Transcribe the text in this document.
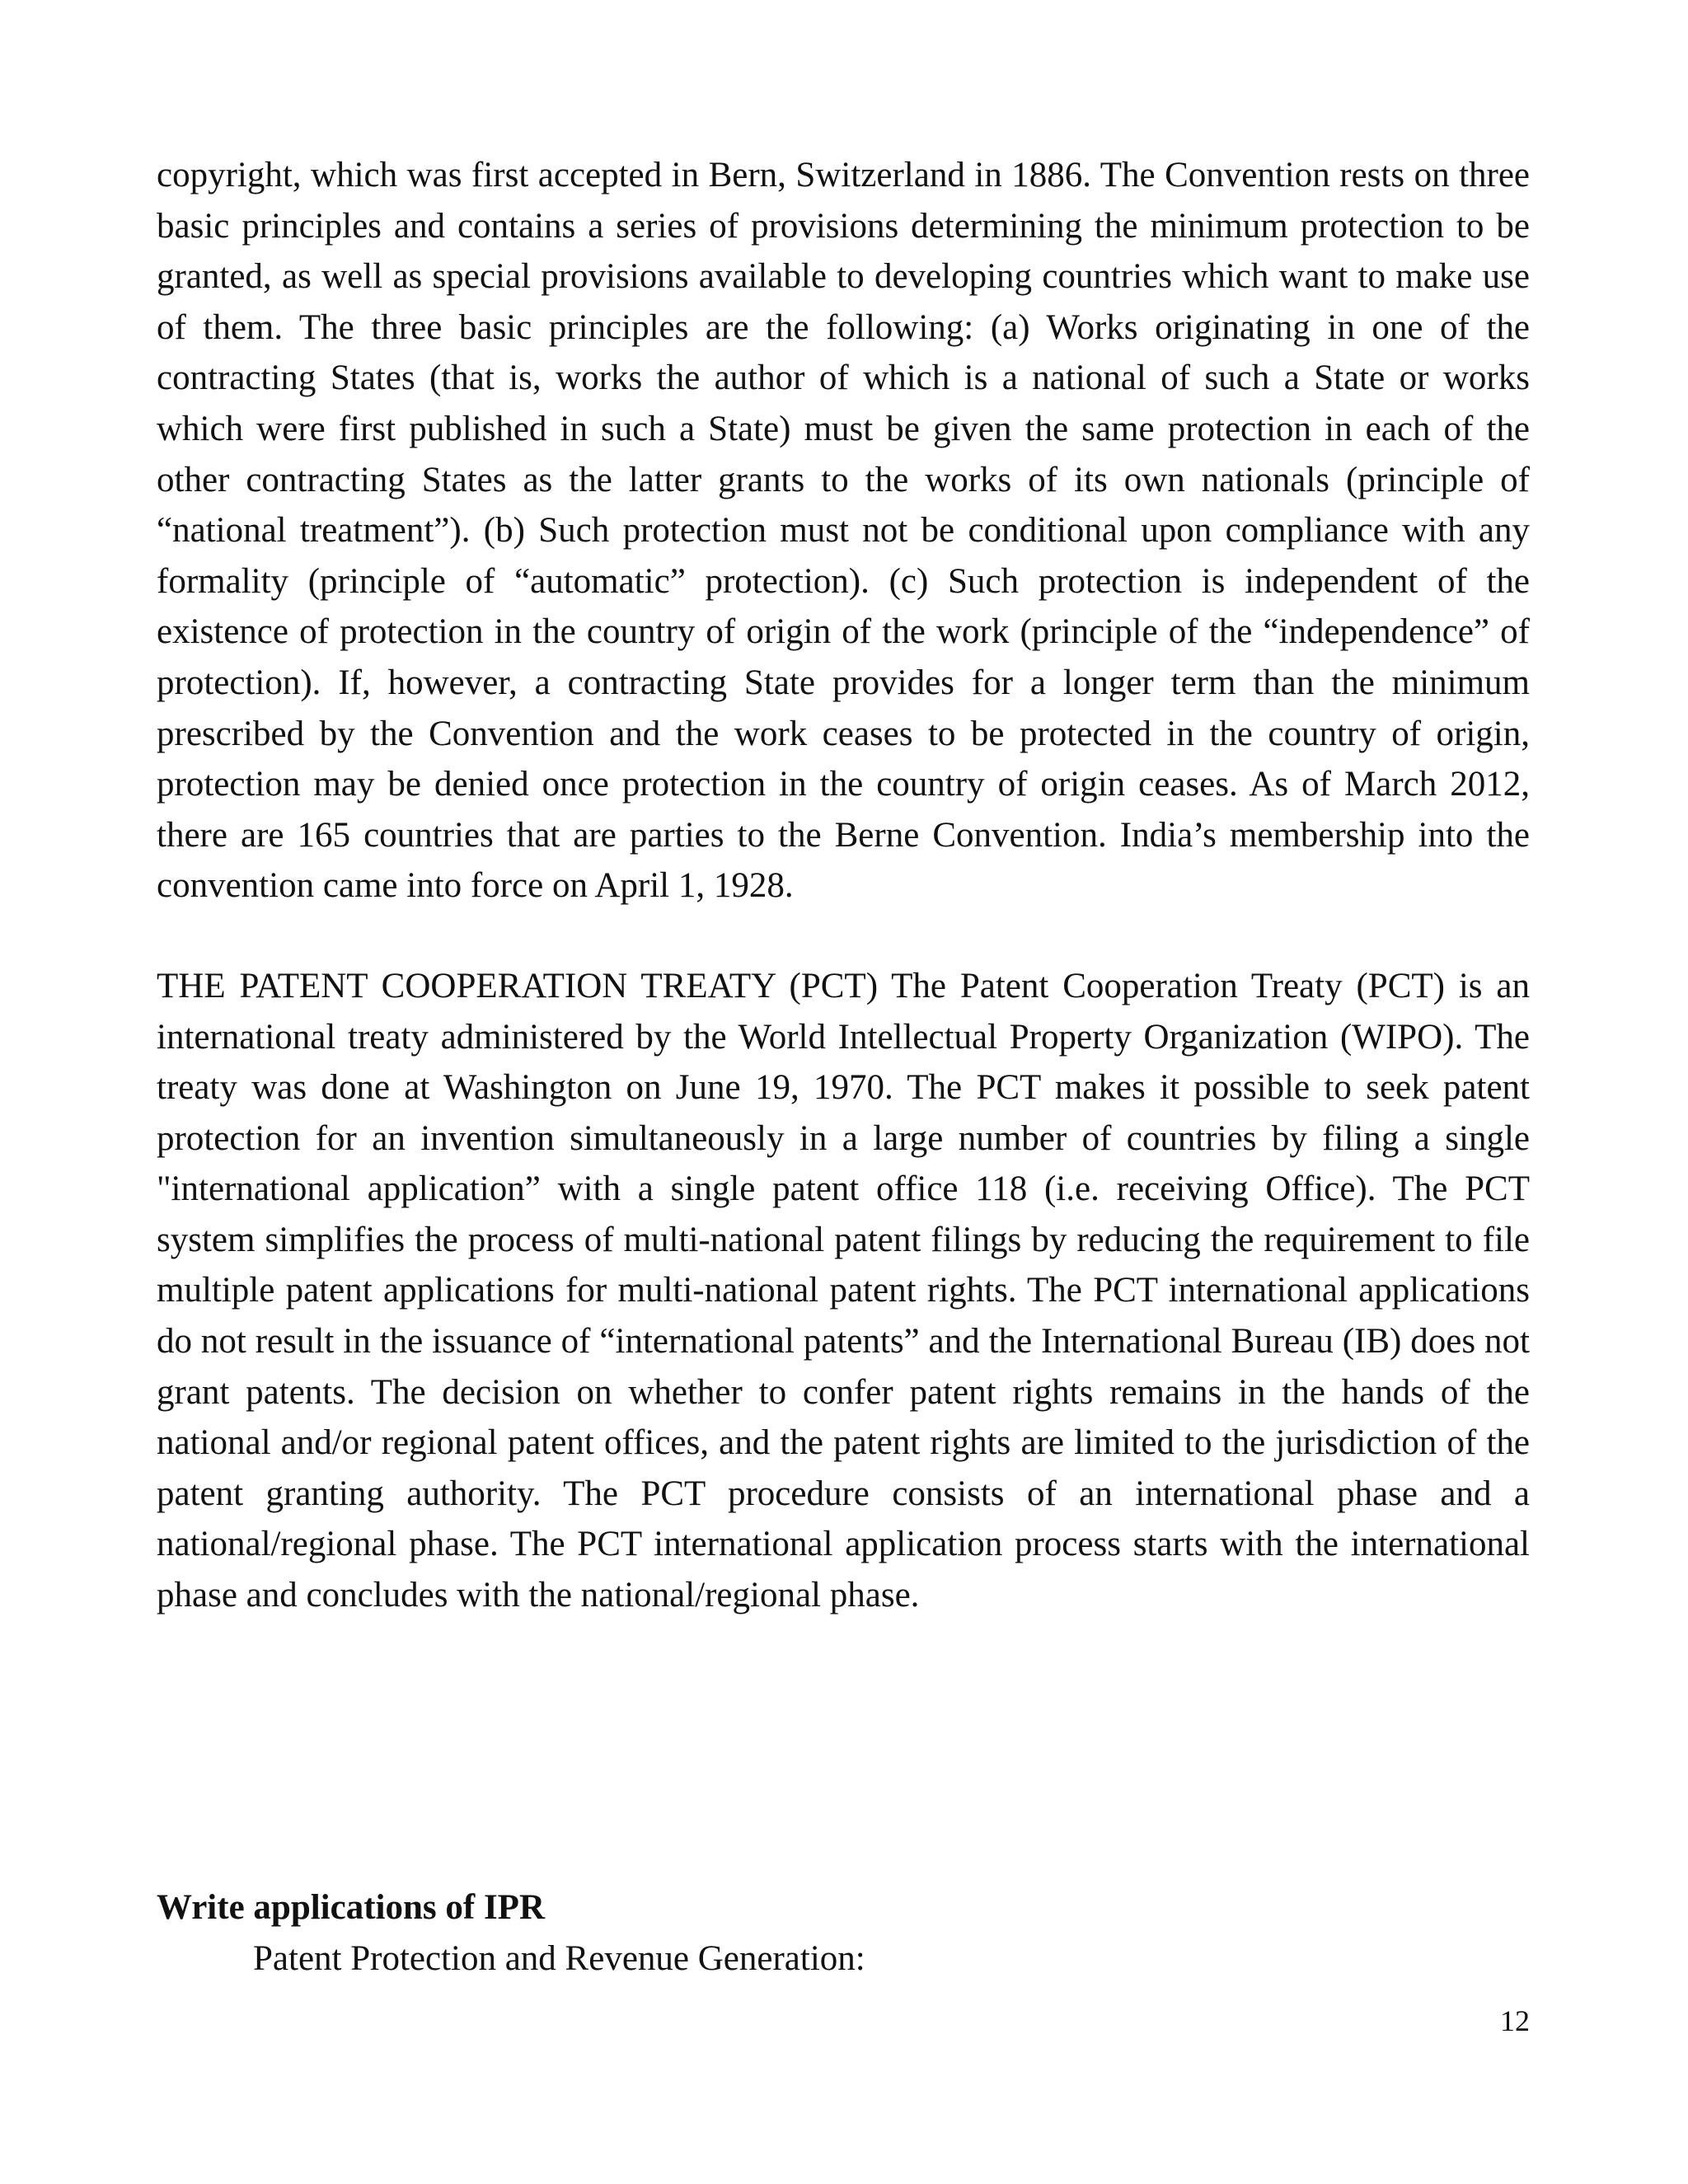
copyright, which was first accepted in Bern, Switzerland in 1886. The Convention rests on three basic principles and contains a series of provisions determining the minimum protection to be granted, as well as special provisions available to developing countries which want to make use of them. The three basic principles are the following: (a) Works originating in one of the contracting States (that is, works the author of which is a national of such a State or works which were first published in such a State) must be given the same protection in each of the other contracting States as the latter grants to the works of its own nationals (principle of “national treatment”). (b) Such protection must not be conditional upon compliance with any formality (principle of “automatic” protection). (c) Such protection is independent of the existence of protection in the country of origin of the work (principle of the “independence” of protection). If, however, a contracting State provides for a longer term than the minimum prescribed by the Convention and the work ceases to be protected in the country of origin, protection may be denied once protection in the country of origin ceases. As of March 2012, there are 165 countries that are parties to the Berne Convention. India’s membership into the convention came into force on April 1, 1928.

THE PATENT COOPERATION TREATY (PCT) The Patent Cooperation Treaty (PCT) is an international treaty administered by the World Intellectual Property Organization (WIPO). The treaty was done at Washington on June 19, 1970. The PCT makes it possible to seek patent protection for an invention simultaneously in a large number of countries by filing a single "international application” with a single patent office 118 (i.e. receiving Office). The PCT system simplifies the process of multi-national patent filings by reducing the requirement to file multiple patent applications for multi-national patent rights. The PCT international applications do not result in the issuance of “international patents” and the International Bureau (IB) does not grant patents. The decision on whether to confer patent rights remains in the hands of the national and/or regional patent offices, and the patent rights are limited to the jurisdiction of the patent granting authority. The PCT procedure consists of an international phase and a national/regional phase. The PCT international application process starts with the international phase and concludes with the national/regional phase.

Write applications of IPR

Patent Protection and Revenue Generation:

12
